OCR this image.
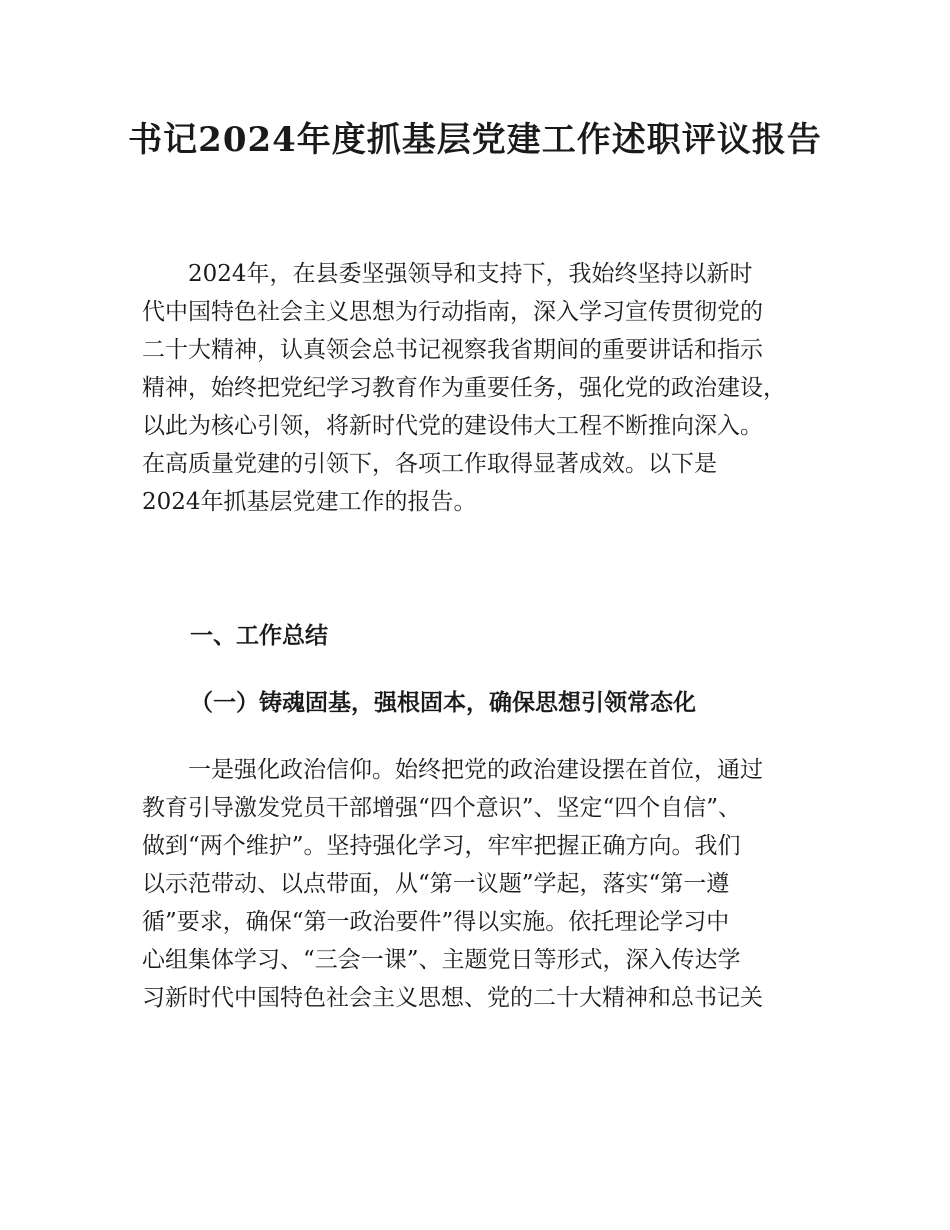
书记2024年度抓基层党建工作述职评议报告
2024年，在县委坚强领导和支持下，我始终坚持以新时
代中国特色社会主义思想为行动指南，深入学习宣传贯彻党的
二十大精神，认真领会总书记视察我省期间的重要讲话和指示
精神，始终把党纪学习教育作为重要任务，强化党的政治建设，
以此为核心引领，将新时代党的建设伟大工程不断推向深入。
在高质量党建的引领下，各项工作取得显著成效。以下是
2024年抓基层党建工作的报告。
一、工作总结
（一）铸魂固基，强根固本，确保思想引领常态化
一是强化政治信仰。始终把党的政治建设摆在首位，通过
教育引导激发党员干部增强“四个意识”、坚定“四个自信”、
做到“两个维护”。坚持强化学习，牢牢把握正确方向。我们
以示范带动、以点带面，从“第一议题”学起，落实“第一遵
循”要求，确保“第一政治要件”得以实施。依托理论学习中
心组集体学习、“三会一课”、主题党日等形式，深入传达学
习新时代中国特色社会主义思想、党的二十大精神和总书记关
